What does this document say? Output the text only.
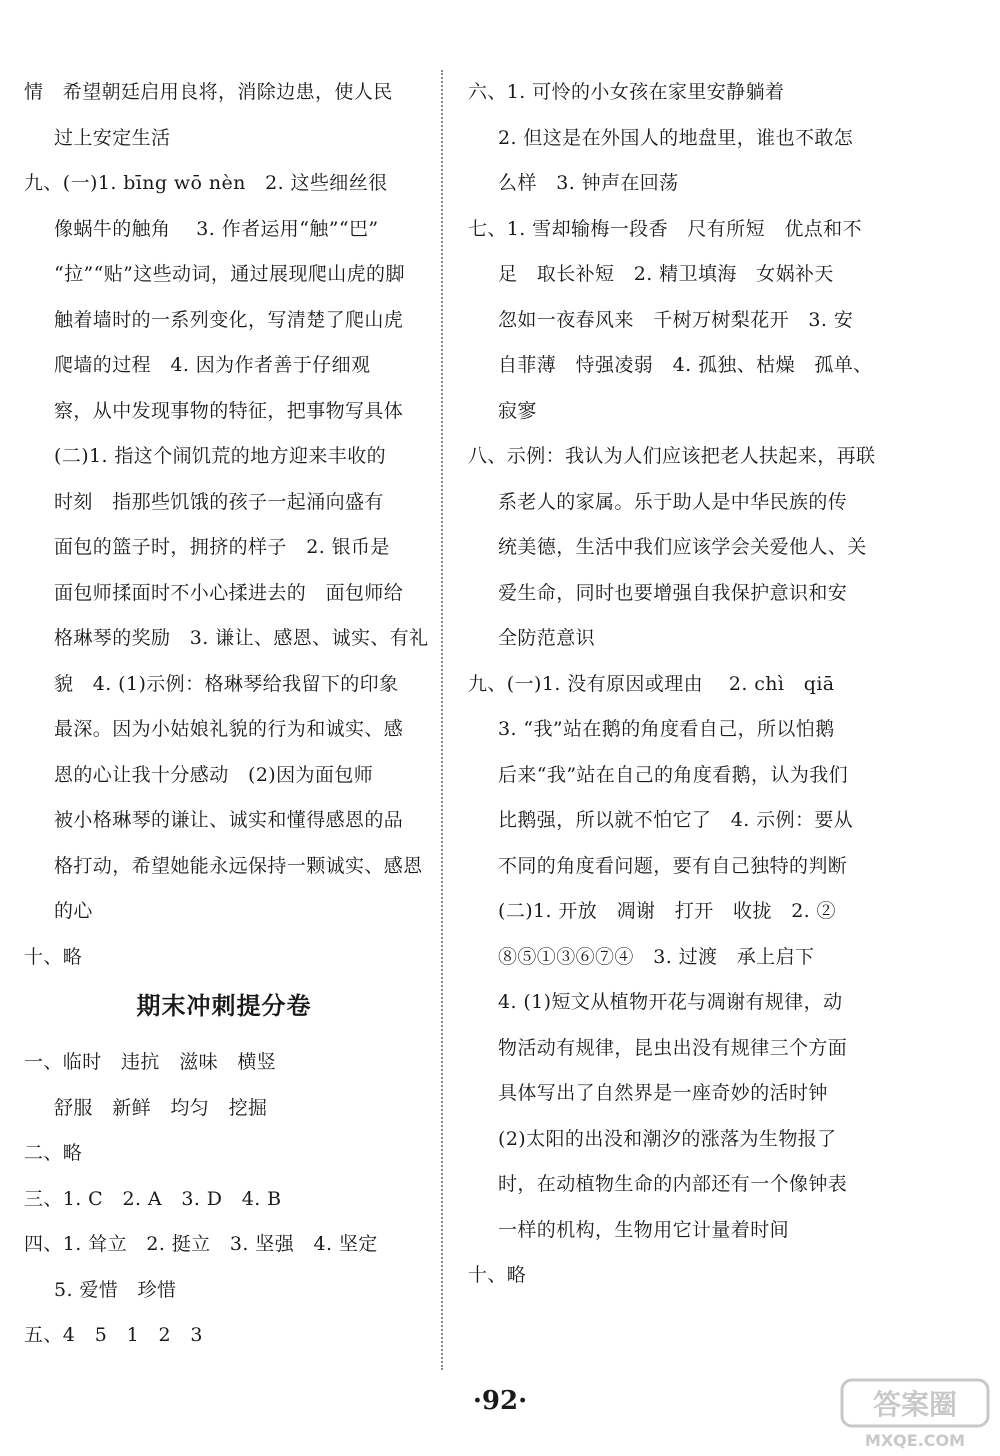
情　希望朝廷启用良将，消除边患，使人民
过上安定生活
九、(一)1. bīng wō nèn　2. 这些细丝很
像蜗牛的触角　 3. 作者运用“触”“巴”
“拉”“贴”这些动词，通过展现爬山虎的脚
触着墙时的一系列变化，写清楚了爬山虎
爬墙的过程　4. 因为作者善于仔细观
察，从中发现事物的特征，把事物写具体
(二)1. 指这个闹饥荒的地方迎来丰收的
时刻　指那些饥饿的孩子一起涌向盛有
面包的篮子时，拥挤的样子　2. 银币是
面包师揉面时不小心揉进去的　面包师给
格琳琴的奖励　3. 谦让、感恩、诚实、有礼
貌　4. (1)示例：格琳琴给我留下的印象
最深。因为小姑娘礼貌的行为和诚实、感
恩的心让我十分感动　(2)因为面包师
被小格琳琴的谦让、诚实和懂得感恩的品
格打动，希望她能永远保持一颗诚实、感恩
的心
十、略
期末冲刺提分卷
一、临时　违抗　滋味　横竖
舒服　新鲜　均匀　挖掘
二、略
三、1. C　2. A　3. D　4. B
四、1. 耸立　2. 挺立　3. 坚强　4. 坚定
5. 爱惜　珍惜
五、4　5　1　2　3
六、1. 可怜的小女孩在家里安静躺着
2. 但这是在外国人的地盘里，谁也不敢怎
么样　3. 钟声在回荡
七、1. 雪却输梅一段香　尺有所短　优点和不
足　取长补短　2. 精卫填海　女娲补天
忽如一夜春风来　千树万树梨花开　3. 安
自菲薄　恃强凌弱　4. 孤独、枯燥　孤单、
寂寥
八、示例：我认为人们应该把老人扶起来，再联
系老人的家属。乐于助人是中华民族的传
统美德，生活中我们应该学会关爱他人、关
爱生命，同时也要增强自我保护意识和安
全防范意识
九、(一)1. 没有原因或理由　 2. chì　qiā
3. “我”站在鹅的角度看自己，所以怕鹅
后来“我”站在自己的角度看鹅，认为我们
比鹅强，所以就不怕它了　4. 示例：要从
不同的角度看问题，要有自己独特的判断
(二)1. 开放　凋谢　打开　收拢　2. ②
⑧⑤①③⑥⑦④　3. 过渡　承上启下
4. (1)短文从植物开花与凋谢有规律，动
物活动有规律，昆虫出没有规律三个方面
具体写出了自然界是一座奇妙的活时钟
(2)太阳的出没和潮汐的涨落为生物报了
时，在动植物生命的内部还有一个像钟表
一样的机构，生物用它计量着时间
十、略
·92·	答案圈
MXQE.COM
